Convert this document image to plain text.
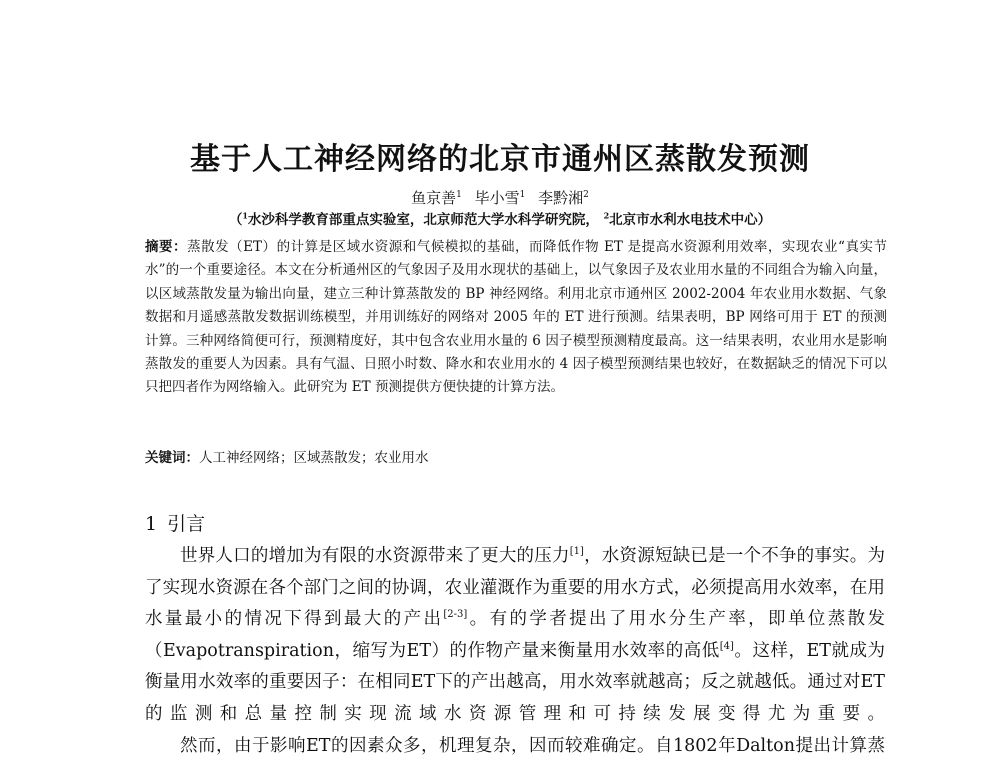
基于人工神经网络的北京市通州区蒸散发预测
鱼京善$^1$ 毕小雪$^1$ 李黔湘$^2$
（$^1$水沙科学教育部重点实验室，北京师范大学水科学研究院， $^2$北京市水利水电技术中心）
摘要：蒸散发（ET）的计算是区域水资源和气候模拟的基础，而降低作物 ET 是提高水资源利用效率，实现农业“真实节水”的一个重要途径。本文在分析通州区的气象因子及用水现状的基础上，以气象因子及农业用水量的不同组合为输入向量，以区域蒸散发量为输出向量，建立三种计算蒸散发的 BP 神经网络。利用北京市通州区 2002-2004 年农业用水数据、气象数据和月遥感蒸散发数据训练模型，并用训练好的网络对 2005 年的 ET 进行预测。结果表明，BP 网络可用于 ET 的预测计算。三种网络简便可行，预测精度好，其中包含农业用水量的 6 因子模型预测精度最高。这一结果表明，农业用水是影响蒸散发的重要人为因素。具有气温、日照小时数、降水和农业用水的 4 因子模型预测结果也较好，在数据缺乏的情况下可以只把四者作为网络输入。此研究为 ET 预测提供方便快捷的计算方法。
关键词：人工神经网络；区域蒸散发；农业用水
1 引言

世界人口的增加为有限的水资源带来了更大的压力[1]，水资源短缺已是一个不争的事实。为了实现水资源在各个部门之间的协调，农业灌溉作为重要的用水方式，必须提高用水效率，在用水量最小的情况下得到最大的产出[2-3]。有的学者提出了用水分生产率，即单位蒸散发（Evapotranspiration，缩写为ET）的作物产量来衡量用水效率的高低[4]。这样，ET就成为衡量用水效率的重要因子：在相同ET下的产出越高，用水效率就越高；反之就越低。通过对ET的监测和总量控制实现流域水资源管理和可持续发展变得尤为重要。

然而，由于影响ET的因素众多，机理复杂，因而较难确定。自1802年Dalton提出计算蒸
